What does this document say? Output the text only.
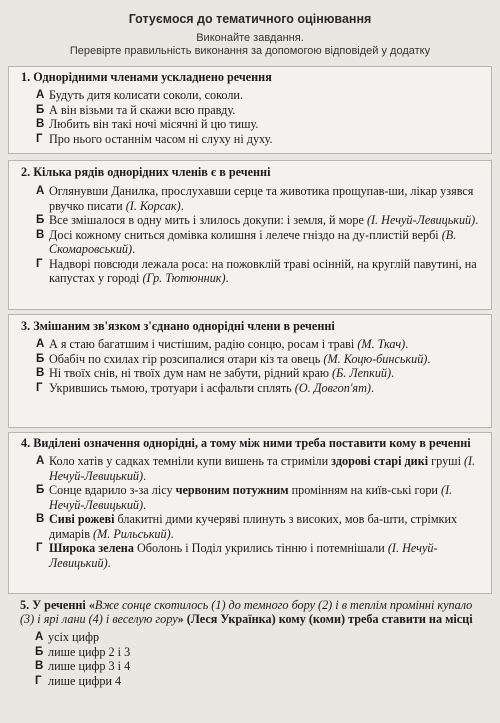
Готуємося до тематичного оцінювання
Виконайте завдання.
Перевірте правильність виконання за допомогою відповідей у додатку
1. Однорідними членами ускладнено речення
А Будуть дитя колисати соколи, соколи.
Б А він візьми та й скажи всю правду.
В Любить він такі ночі місячні й цю тишу.
Г Про нього останнім часом ні слуху ні духу.
2. Кілька рядів однорідних членів є в реченні
А Оглянувши Данилка, прослухавши серце та животика прощупав-ши, лікар узявся рвучко писати (І. Корсак).
Б Все змішалося в одну мить і злилось докупи: і земля, й море (І. Нечуй-Левицький).
В Досі кожному сниться домівка колишня і лелече гніздо на ду-плистій вербі (В. Скомаровський).
Г Надворі повсюди лежала роса: на пожовклій траві осінній, на круглій павутині, на капустах у городі (Гр. Тютюнник).
3. Змішаним зв'язком з'єднано однорідні члени в реченні
А А я стаю багатшим і чистішим, радію сонцю, росам і траві (М. Ткач).
Б Обабіч по схилах гір розсипалися отари кіз та овець (М. Коцю-бинський).
В Ні твоїх снів, ні твоїх дум нам не забути, рідний краю (Б. Лепкий).
Г Укрившись тьмою, тротуари і асфальти сплять (О. Довгоп'ят).
4. Виділені означення однорідні, а тому між ними треба поставити кому в реченні
А Коло хатів у садках темніли купи вишень та стриміли здорові старі дикі груші (І. Нечуй-Левицький).
Б Сонце вдарило з-за лісу червоним потужним промінням на київ-ські гори (І. Нечуй-Левицький).
В Сиві рожеві блакитні дими кучеряві плинуть з високих, мов ба-шти, стрімких димарів (М. Рильський).
Г Широка зелена Оболонь і Поділ укрились тінню і потемнішали (І. Нечуй-Левицький).
5. У реченні «Вже сонце скотилось (1) до темного бору (2) і в теплім промінні купало (3) і ярі лани (4) і веселую гору» (Леся Українка) кому (коми) треба ставити на місці
А усіх цифр
Б лише цифр 2 і 3
В лише цифр 3 і 4
Г лише цифри 4
